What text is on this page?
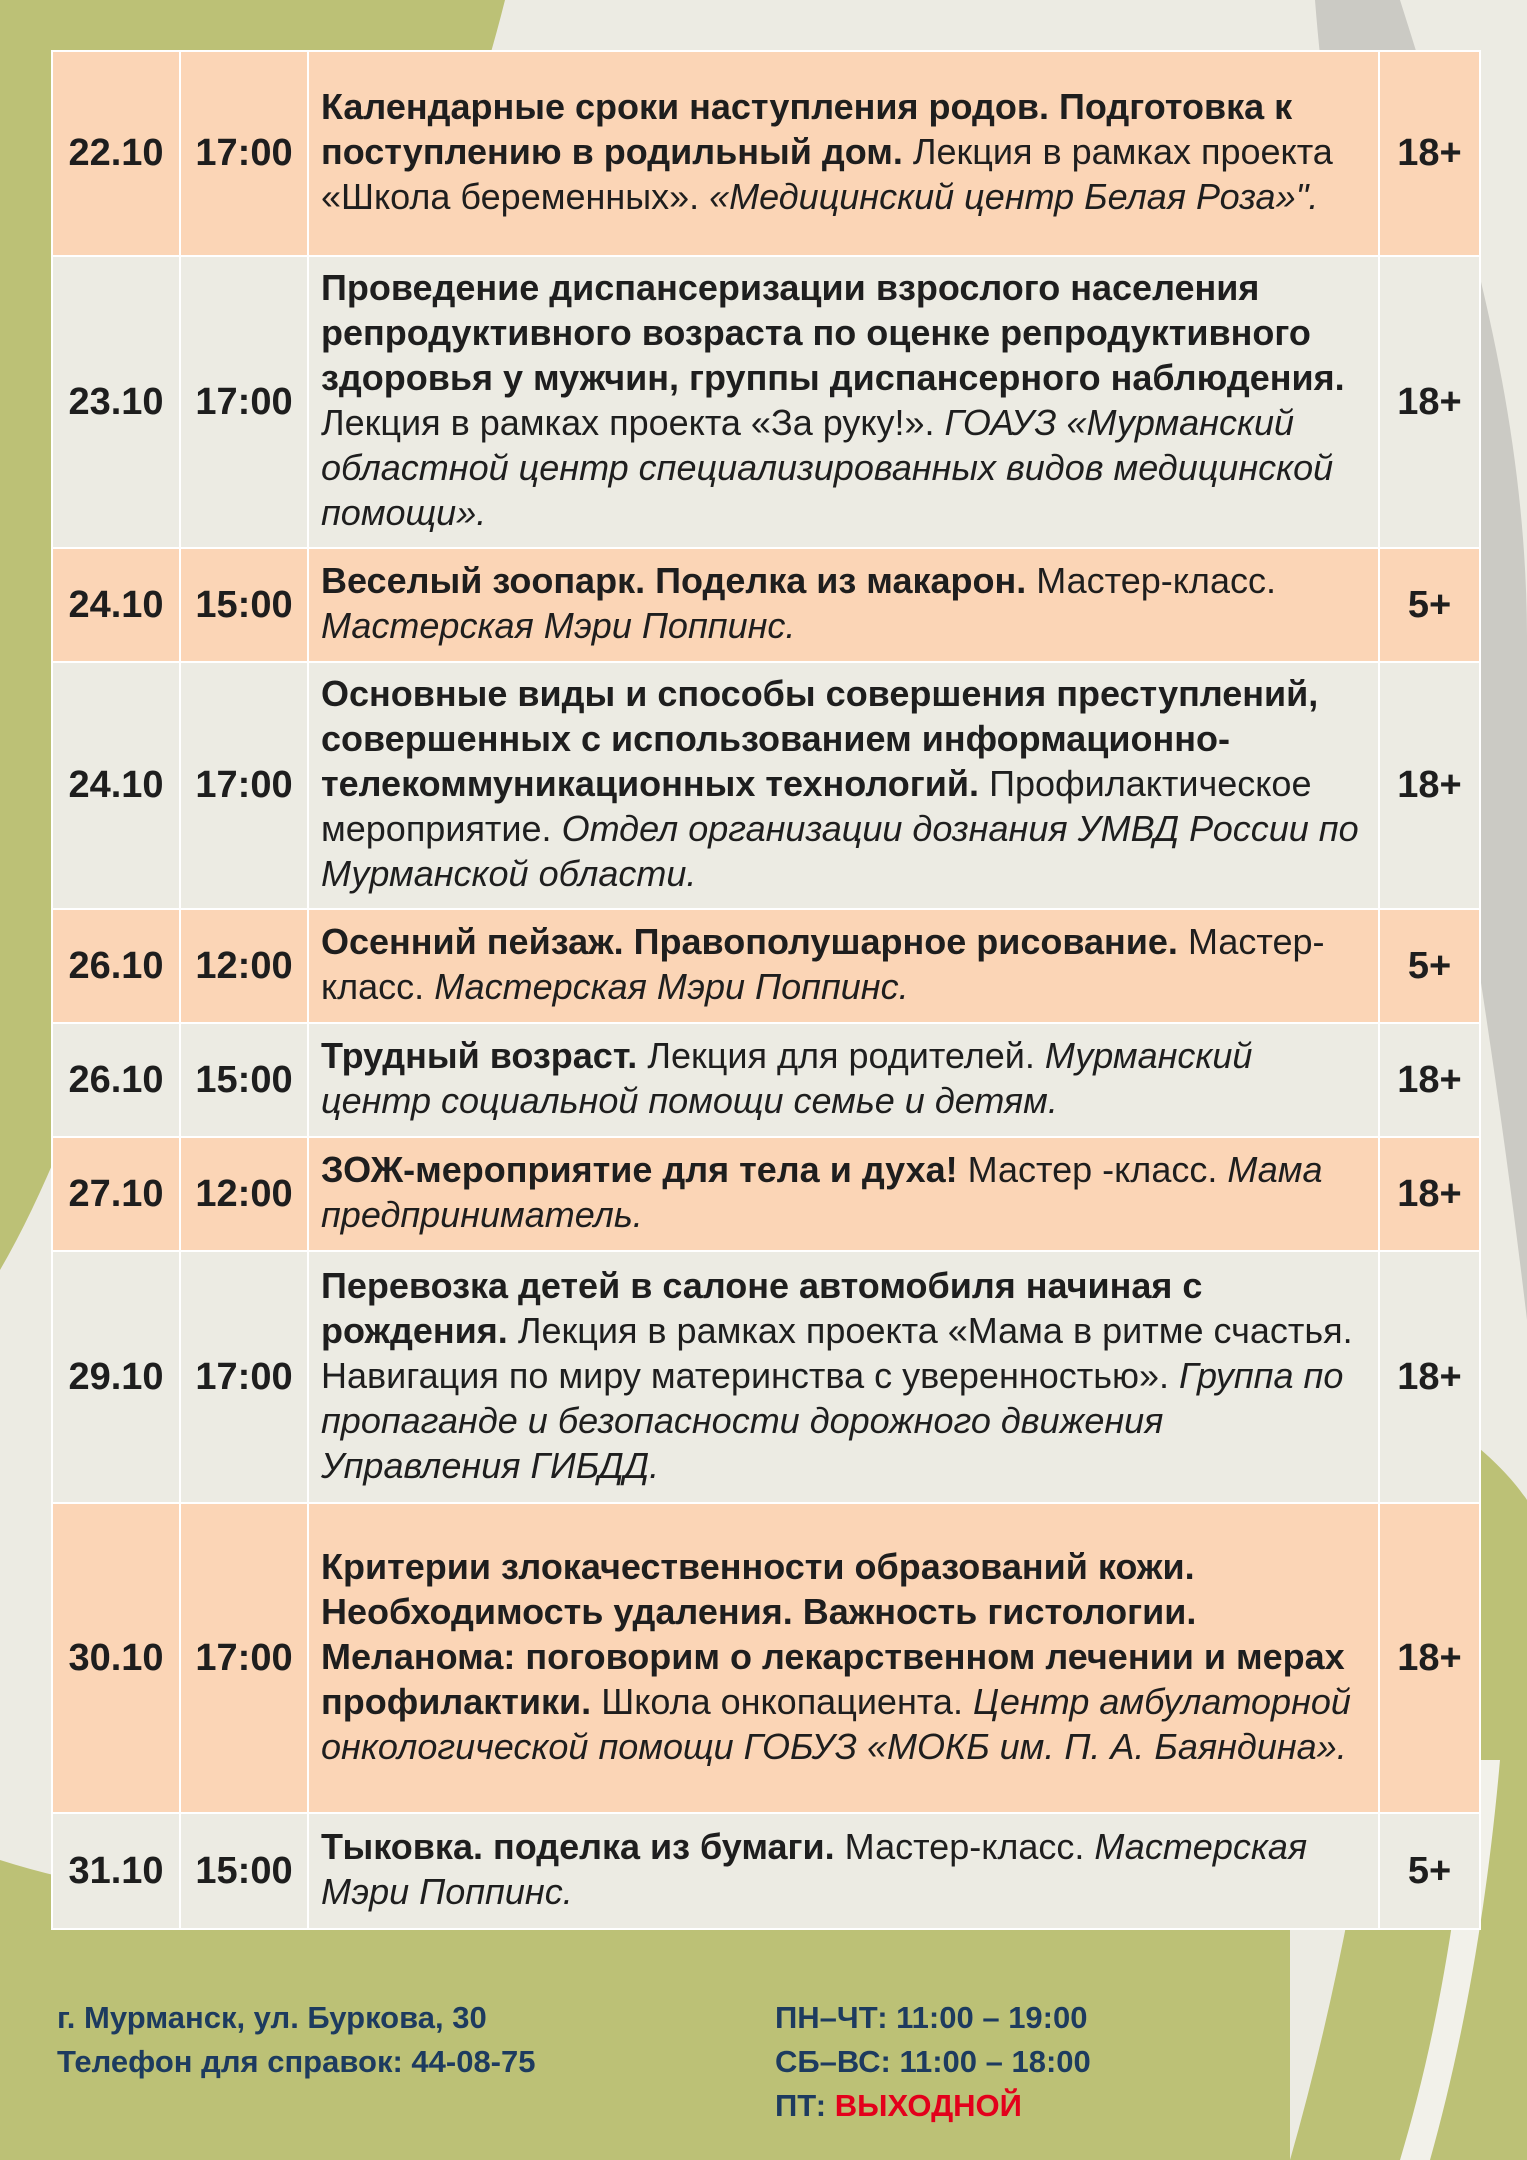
22.10	17:00	Календарные сроки наступления родов. Подготовка к поступлению в родильный дом. Лекция в рамках проекта «Школа беременных». «Медицинский центр Белая Роза»".	18+
23.10	17:00	Проведение диспансеризации взрослого населения репродуктивного возраста по оценке репродуктивного здоровья у мужчин, группы диспансерного наблюдения. Лекция в рамках проекта «За руку!». ГОАУЗ «Мурманский областной центр специализированных видов медицинской помощи».	18+
24.10	15:00	Веселый зоопарк. Поделка из макарон. Мастер-класс. Мастерская Мэри Поппинс.	5+
24.10	17:00	Основные виды и способы совершения преступлений, совершенных с использованием информационно-телекоммуникационных технологий. Профилактическое мероприятие. Отдел организации дознания УМВД России по Мурманской области.	18+
26.10	12:00	Осенний пейзаж. Правополушарное рисование. Мастер-класс. Мастерская Мэри Поппинс.	5+
26.10	15:00	Трудный возраст. Лекция для родителей. Мурманский центр социальной помощи семье и детям.	18+
27.10	12:00	ЗОЖ-мероприятие для тела и духа! Мастер -класс. Мама предприниматель.	18+
29.10	17:00	Перевозка детей в салоне автомобиля начиная с рождения. Лекция в рамках проекта «Мама в ритме счастья. Навигация по миру материнства с уверенностью». Группа по пропаганде и безопасности дорожного движения Управления ГИБДД.	18+
30.10	17:00	Критерии злокачественности образований кожи. Необходимость удаления. Важность гистологии. Меланома: поговорим о лекарственном лечении и мерах профилактики. Школа онкопациента. Центр амбулаторной онкологической помощи ГОБУЗ «МОКБ им. П. А. Баяндина».	18+
31.10	15:00	Тыковка. поделка из бумаги. Мастер-класс. Мастерская Мэри Поппинс.	5+

г. Мурманск, ул. Буркова, 30

Телефон для справок: 44-08-75

ПН–ЧТ: 11:00 – 19:00

СБ–ВС: 11:00 – 18:00

ПТ: ВЫХОДНОЙ
